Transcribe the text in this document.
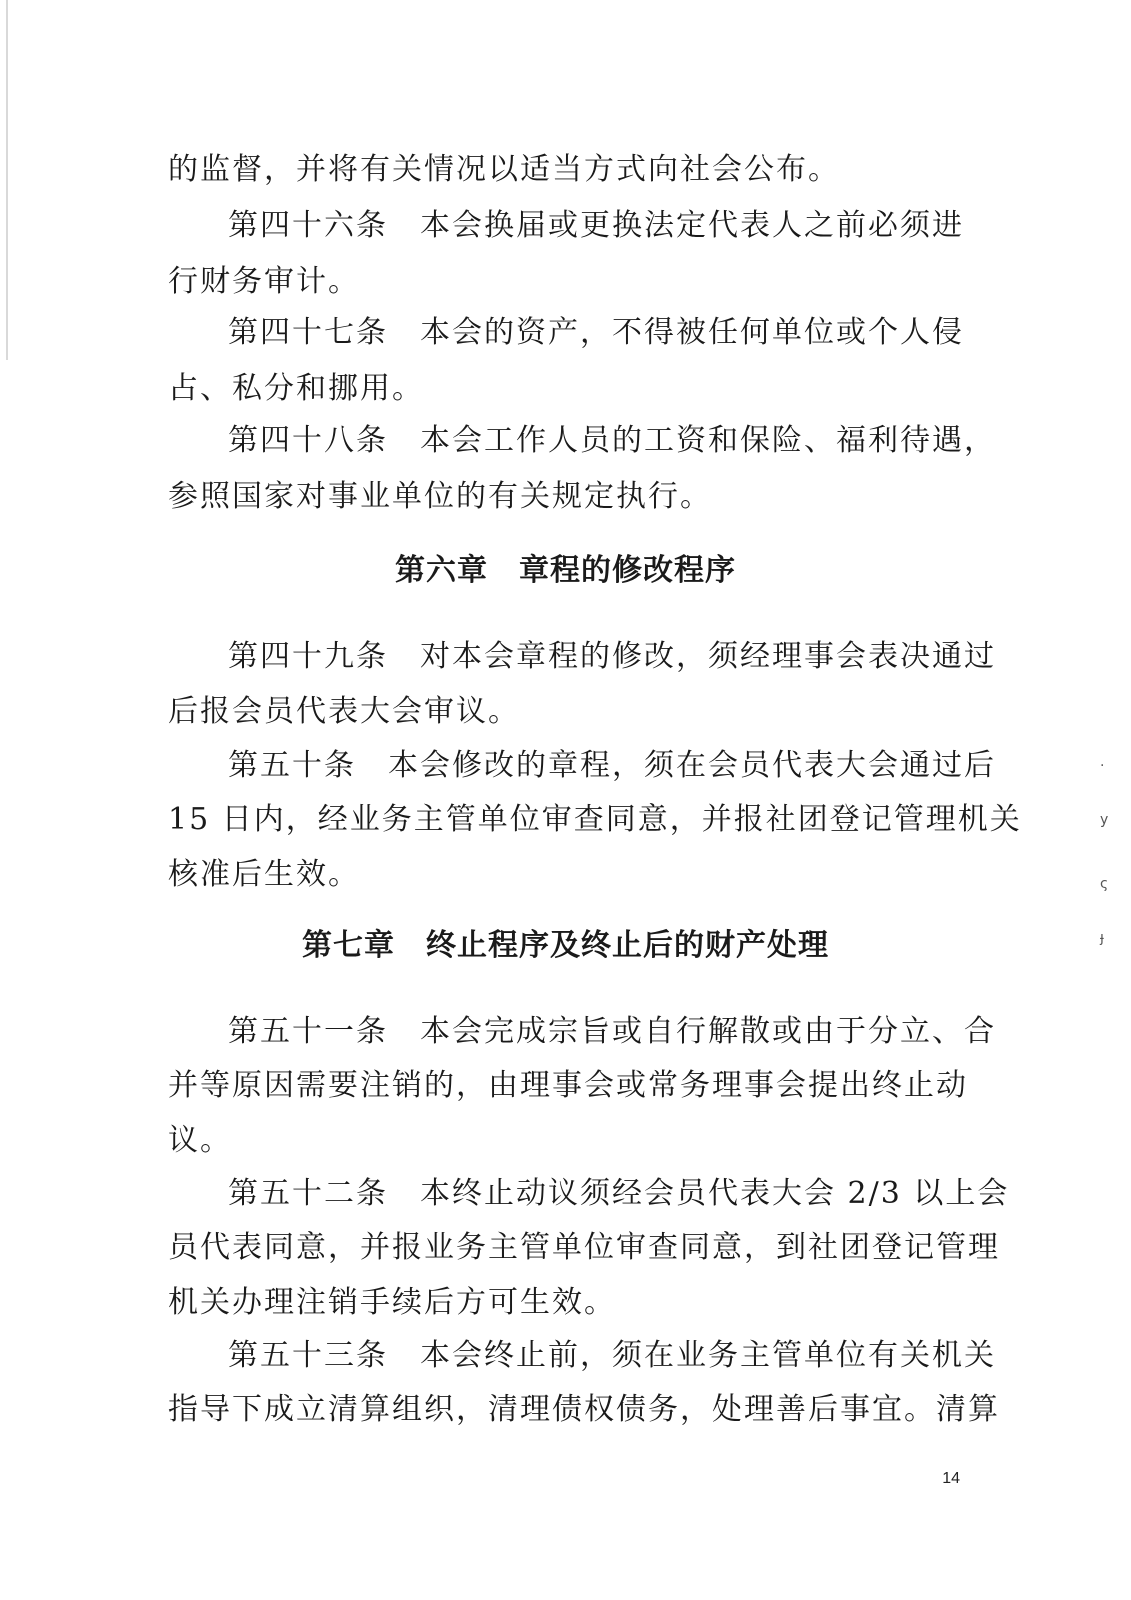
的监督，并将有关情况以适当方式向社会公布。
第四十六条　本会换届或更换法定代表人之前必须进
行财务审计。
第四十七条　本会的资产，不得被任何单位或个人侵
占、私分和挪用。
第四十八条　本会工作人员的工资和保险、福利待遇，
参照国家对事业单位的有关规定执行。
第六章　章程的修改程序
第四十九条　对本会章程的修改，须经理事会表决通过
后报会员代表大会审议。
第五十条　本会修改的章程，须在会员代表大会通过后
15 日内，经业务主管单位审查同意，并报社团登记管理机关
核准后生效。
第七章　终止程序及终止后的财产处理
第五十一条　本会完成宗旨或自行解散或由于分立、合
并等原因需要注销的，由理事会或常务理事会提出终止动
议。
第五十二条　本终止动议须经会员代表大会 2/3 以上会
员代表同意，并报业务主管单位审查同意，到社团登记管理
机关办理注销手续后方可生效。
第五十三条　本会终止前，须在业务主管单位有关机关
指导下成立清算组织，清理债权债务，处理善后事宜。清算
14
·
y
ς
ɟ
